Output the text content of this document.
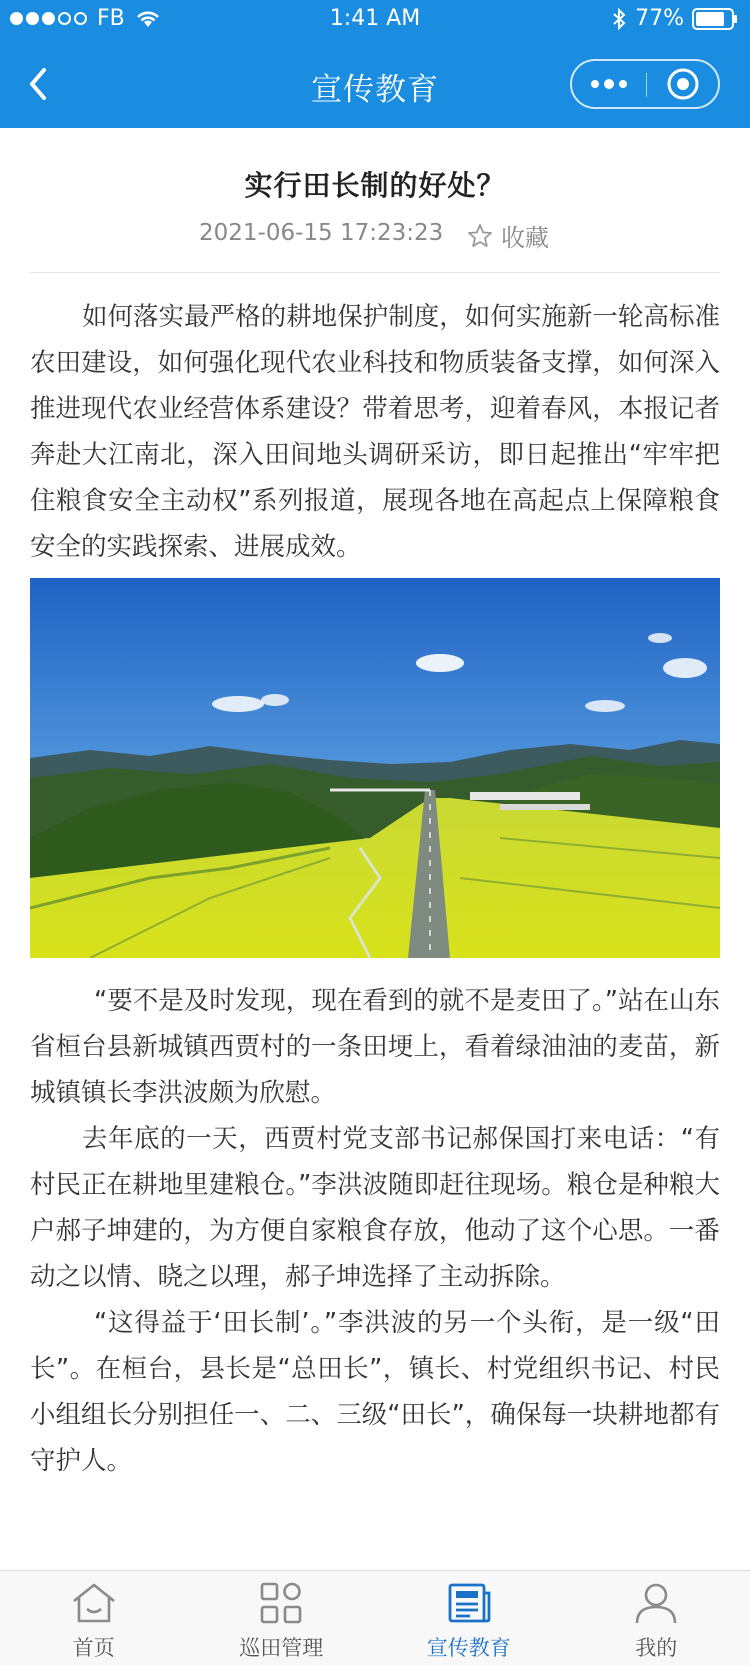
FB	1:41 AM	77%
宣传教育
实行田长制的好处？
2021-06-15 17:23:23 收藏

如何落实最严格的耕地保护制度，如何实施新一轮高标准农田建设，如何强化现代农业科技和物质装备支撑，如何深入推进现代农业经营体系建设？带着思考，迎着春风，本报记者奔赴大江南北，深入田间地头调研采访，即日起推出“牢牢把住粮食安全主动权”系列报道，展现各地在高起点上保障粮食安全的实践探索、进展成效。

“要不是及时发现，现在看到的就不是麦田了。”站在山东省桓台县新城镇西贾村的一条田埂上，看着绿油油的麦苗，新城镇镇长李洪波颇为欣慰。

去年底的一天，西贾村党支部书记郝保国打来电话：“有村民正在耕地里建粮仓。”李洪波随即赶往现场。粮仓是种粮大户郝子坤建的，为方便自家粮食存放，他动了这个心思。一番动之以情、晓之以理，郝子坤选择了主动拆除。

“这得益于‘田长制’。”李洪波的另一个头衔，是一级“田长”。在桓台，县长是“总田长”，镇长、村党组织书记、村民小组组长分别担任一、二、三级“田长”，确保每一块耕地都有守护人。

首页	巡田管理	宣传教育	我的
